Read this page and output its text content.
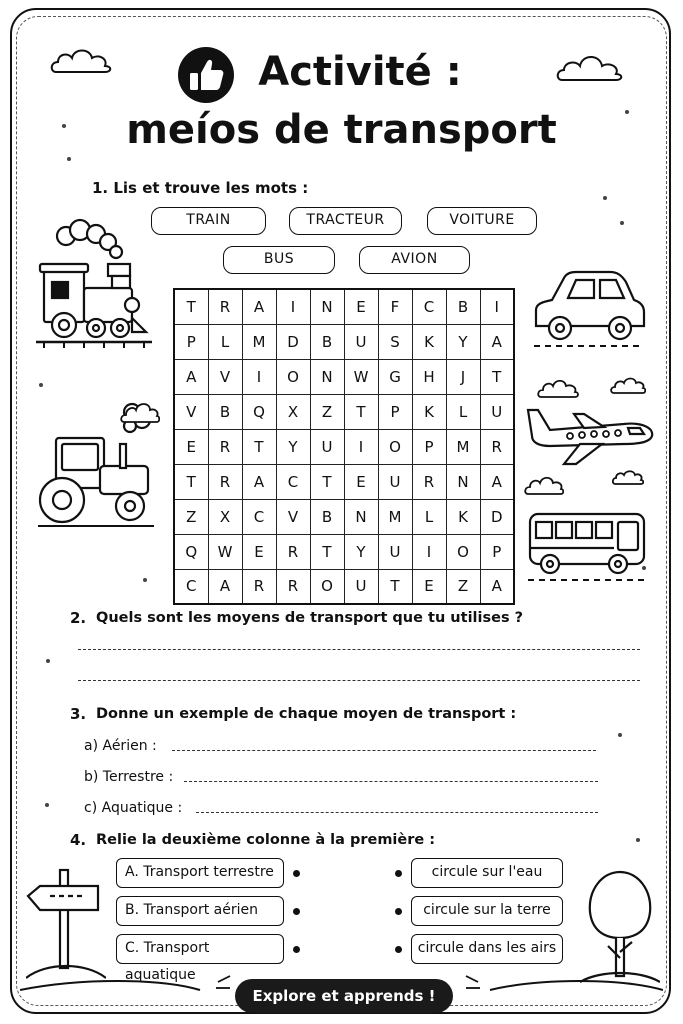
Activité :
meíos de transport
1. Lis et trouve les mots :
TRAIN	TRACTEUR	VOITURE
BUS	AVION
T	R	A	I	N	E	F	C	B	I
P	L	M	D	B	U	S	K	Y	A
A	V	I	O	N	W	G	H	J	T
V	B	Q	X	Z	T	P	K	L	U
E	R	T	Y	U	I	O	P	M	R
T	R	A	C	T	E	U	R	N	A
Z	X	C	V	B	N	M	L	K	D
Q	W	E	R	T	Y	U	I	O	P
C	A	R	R	O	U	T	E	Z	A
2. Quels sont les moyens de transport que tu utilises ?
3. Donne un exemple de chaque moyen de transport :
a) Aérien :
b) Terrestre :
c) Aquatique :
4. Relie la deuxième colonne à la première :
A. Transport terrestre
B. Transport aérien
C. Transport aquatique
circule sur l'eau
circule sur la terre
circule dans les airs
Explore et apprends !
